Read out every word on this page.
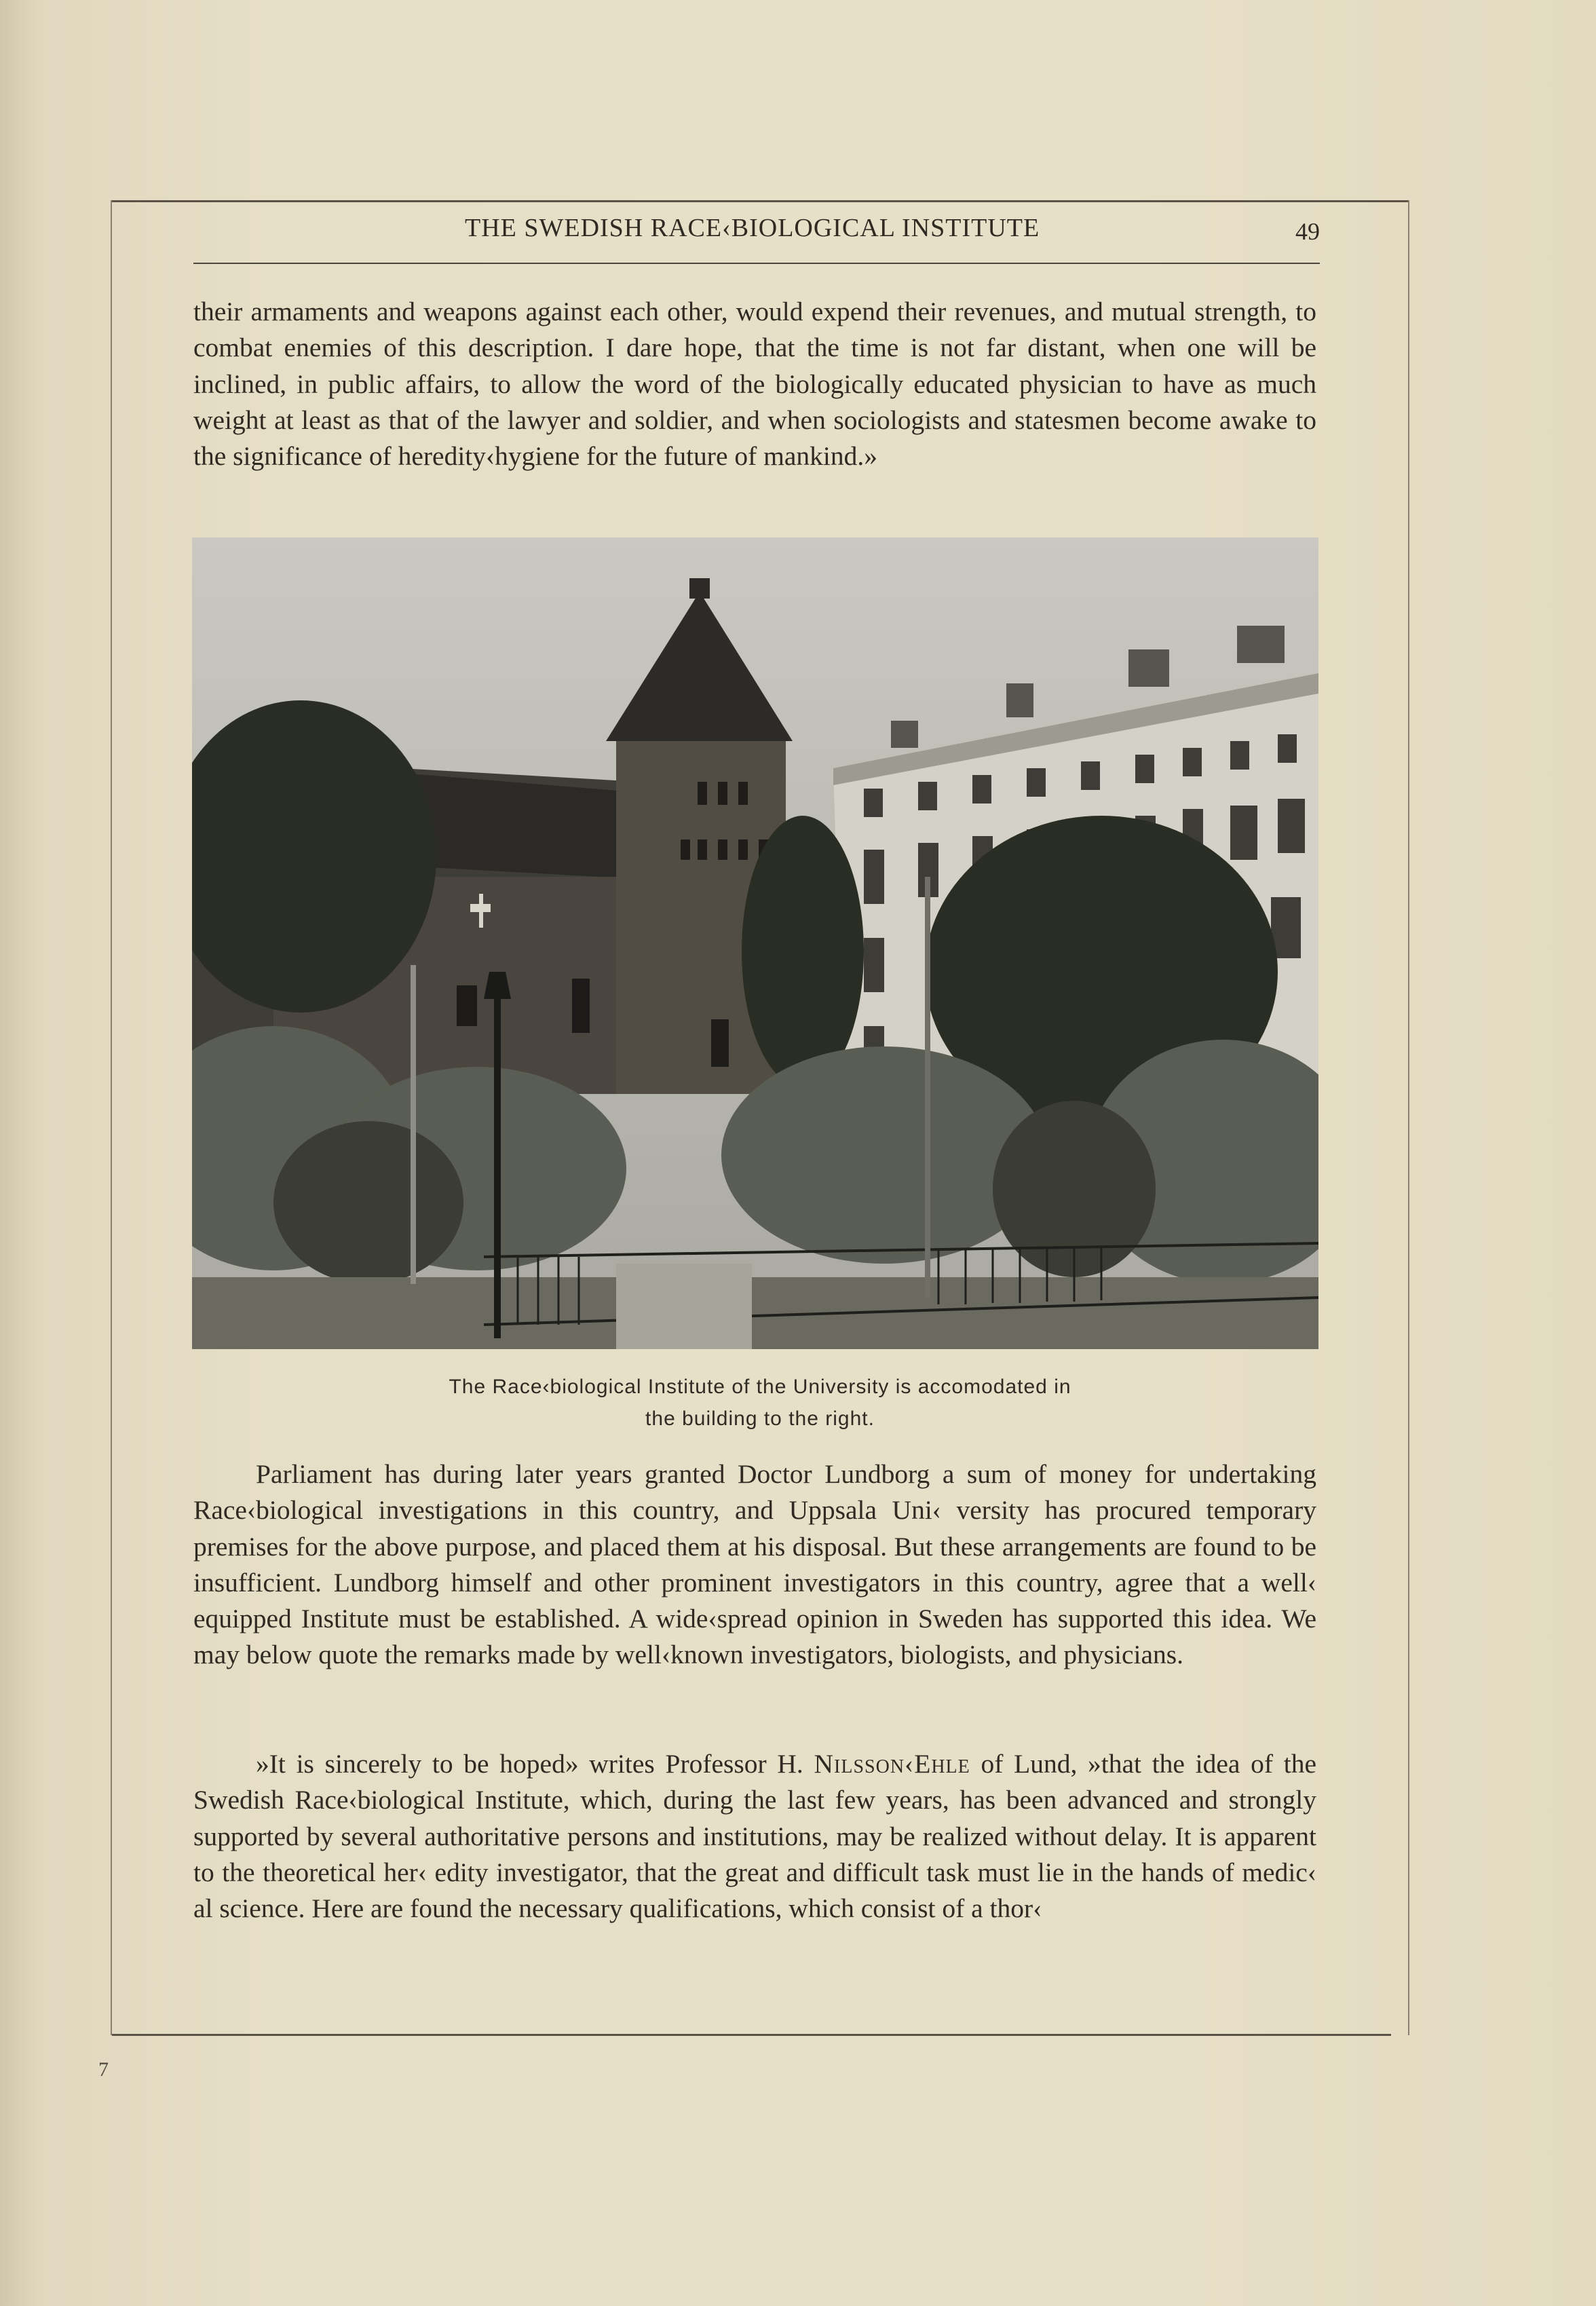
THE SWEDISH RACE‹BIOLOGICAL INSTITUTE	49

their armaments and weapons against each other, would expend their revenues, and mutual strength, to combat enemies of this description. I dare hope, that the time is not far distant, when one will be inclined, in public affairs, to allow the word of the biologically educated physician to have as much weight at least as that of the lawyer and soldier, and when sociologists and statesmen become awake to the significance of heredity‹hygiene for the future of mankind.»

The Race‹biological Institute of the University is accomodated in
the building to the right.

Parliament has during later years granted Doctor Lundborg a sum of money for undertaking Race‹biological investigations in this country, and Uppsala Uni‹ versity has procured temporary premises for the above purpose, and placed them at his disposal. But these arrangements are found to be insufficient. Lundborg himself and other prominent investigators in this country, agree that a well‹ equipped Institute must be established. A wide‹spread opinion in Sweden has supported this idea. We may below quote the remarks made by well‹known investigators, biologists, and physicians.

»It is sincerely to be hoped» writes Professor H. Nilsson‹Ehle of Lund, »that the idea of the Swedish Race‹biological Institute, which, during the last few years, has been advanced and strongly supported by several authoritative persons and institutions, may be realized without delay. It is apparent to the theoretical her‹ edity investigator, that the great and difficult task must lie in the hands of medic‹ al science. Here are found the necessary qualifications, which consist of a thor‹

7
